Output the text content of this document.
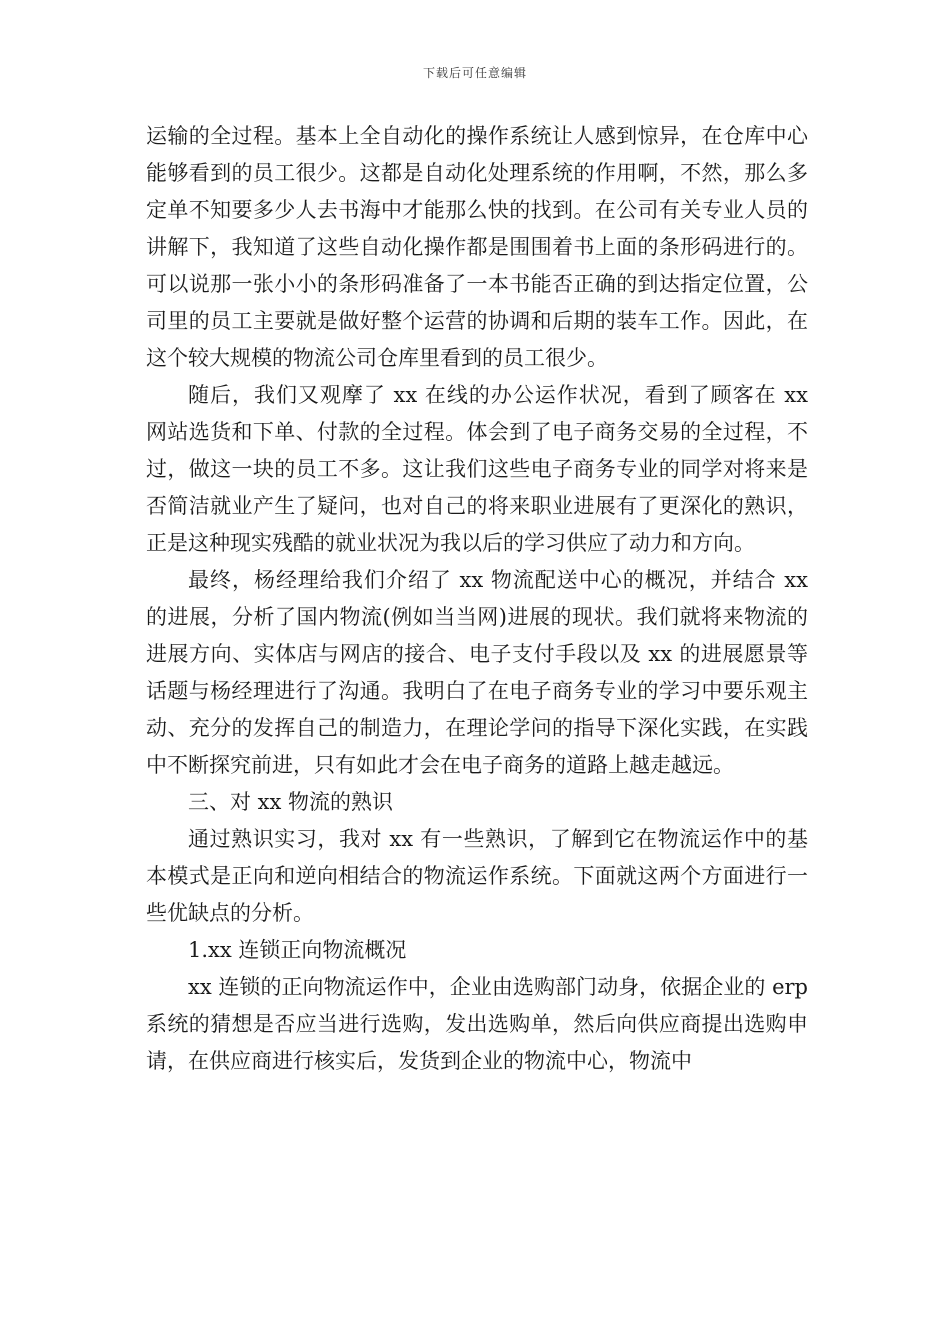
下载后可任意编辑

运输的全过程。基本上全自动化的操作系统让人感到惊异，在仓库中心能够看到的员工很少。这都是自动化处理系统的作用啊，不然，那么多定单不知要多少人去书海中才能那么快的找到。在公司有关专业人员的讲解下，我知道了这些自动化操作都是围围着书上面的条形码进行的。可以说那一张小小的条形码准备了一本书能否正确的到达指定位置，公司里的员工主要就是做好整个运营的协调和后期的装车工作。因此，在这个较大规模的物流公司仓库里看到的员工很少。

随后，我们又观摩了 xx 在线的办公运作状况，看到了顾客在 xx 网站选货和下单、付款的全过程。体会到了电子商务交易的全过程，不过，做这一块的员工不多。这让我们这些电子商务专业的同学对将来是否简洁就业产生了疑问，也对自己的将来职业进展有了更深化的熟识，正是这种现实残酷的就业状况为我以后的学习供应了动力和方向。

最终，杨经理给我们介绍了 xx 物流配送中心的概况，并结合 xx 的进展，分析了国内物流(例如当当网)进展的现状。我们就将来物流的进展方向、实体店与网店的接合、电子支付手段以及 xx 的进展愿景等话题与杨经理进行了沟通。我明白了在电子商务专业的学习中要乐观主动、充分的发挥自己的制造力，在理论学问的指导下深化实践，在实践中不断探究前进，只有如此才会在电子商务的道路上越走越远。

三、对 xx 物流的熟识

通过熟识实习，我对 xx 有一些熟识，了解到它在物流运作中的基本模式是正向和逆向相结合的物流运作系统。下面就这两个方面进行一些优缺点的分析。

1.xx 连锁正向物流概况

xx 连锁的正向物流运作中，企业由选购部门动身，依据企业的 erp 系统的猜想是否应当进行选购，发出选购单，然后向供应商提出选购申请，在供应商进行核实后，发货到企业的物流中心，物流中
